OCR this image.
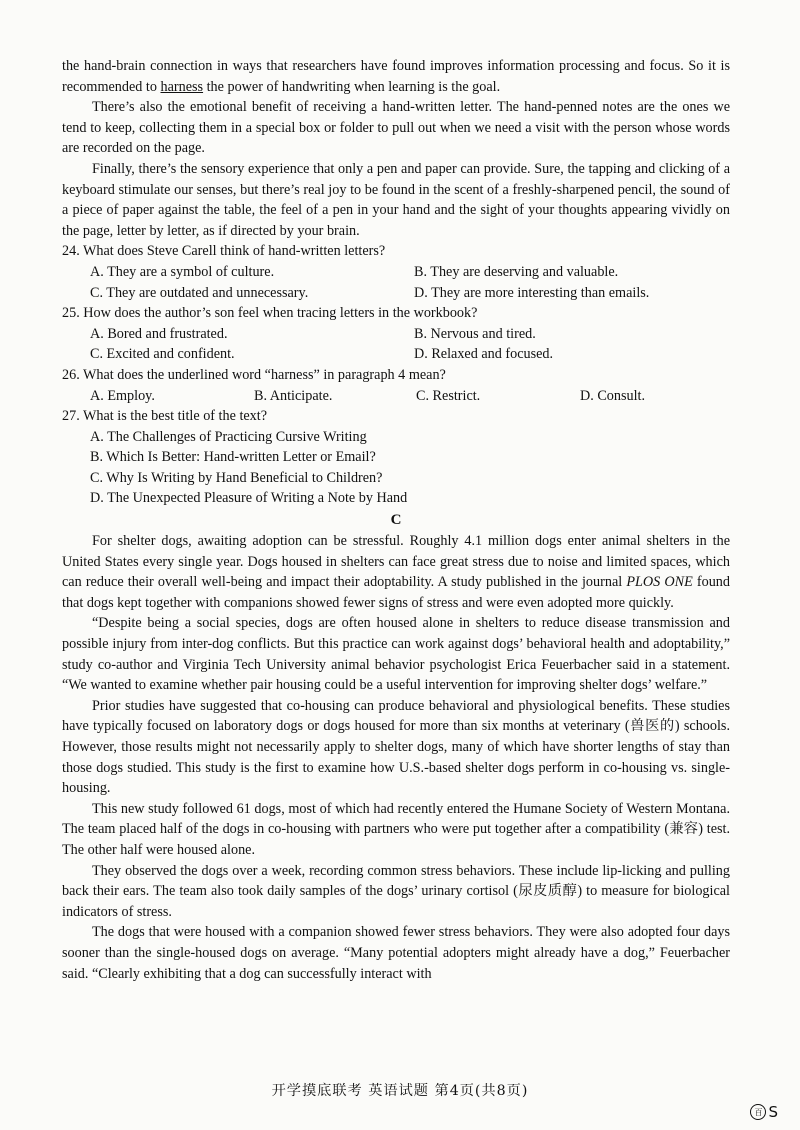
the hand-brain connection in ways that researchers have found improves information processing and focus. So it is recommended to harness the power of handwriting when learning is the goal.

There’s also the emotional benefit of receiving a hand-written letter. The hand-penned notes are the ones we tend to keep, collecting them in a special box or folder to pull out when we need a visit with the person whose words are recorded on the page.

Finally, there’s the sensory experience that only a pen and paper can provide. Sure, the tapping and clicking of a keyboard stimulate our senses, but there’s real joy to be found in the scent of a freshly-sharpened pencil, the sound of a piece of paper against the table, the feel of a pen in your hand and the sight of your thoughts appearing vividly on the page, letter by letter, as if directed by your brain.

24. What does Steve Carell think of hand-written letters?
A. They are a symbol of culture.	B. They are deserving and valuable.
C. They are outdated and unnecessary.	D. They are more interesting than emails.
25. How does the author’s son feel when tracing letters in the workbook?
A. Bored and frustrated.	B. Nervous and tired.
C. Excited and confident.	D. Relaxed and focused.
26. What does the underlined word “harness” in paragraph 4 mean?
A. Employ.	B. Anticipate.	C. Restrict.	D. Consult.
27. What is the best title of the text?
A. The Challenges of Practicing Cursive Writing
B. Which Is Better: Hand-written Letter or Email?
C. Why Is Writing by Hand Beneficial to Children?
D. The Unexpected Pleasure of Writing a Note by Hand
C

For shelter dogs, awaiting adoption can be stressful. Roughly 4.1 million dogs enter animal shelters in the United States every single year. Dogs housed in shelters can face great stress due to noise and limited spaces, which can reduce their overall well-being and impact their adoptability. A study published in the journal PLOS ONE found that dogs kept together with companions showed fewer signs of stress and were even adopted more quickly.

“Despite being a social species, dogs are often housed alone in shelters to reduce disease transmission and possible injury from inter-dog conflicts. But this practice can work against dogs’ behavioral health and adoptability,” study co-author and Virginia Tech University animal behavior psychologist Erica Feuerbacher said in a statement. “We wanted to examine whether pair housing could be a useful intervention for improving shelter dogs’ welfare.”

Prior studies have suggested that co-housing can produce behavioral and physiological benefits. These studies have typically focused on laboratory dogs or dogs housed for more than six months at veterinary (兽医的) schools. However, those results might not necessarily apply to shelter dogs, many of which have shorter lengths of stay than those dogs studied. This study is the first to examine how U.S.-based shelter dogs perform in co-housing vs. single-housing.

This new study followed 61 dogs, most of which had recently entered the Humane Society of Western Montana. The team placed half of the dogs in co-housing with partners who were put together after a compatibility (兼容) test. The other half were housed alone.

They observed the dogs over a week, recording common stress behaviors. These include lip-licking and pulling back their ears. The team also took daily samples of the dogs’ urinary cortisol (尿皮质醇) to measure for biological indicators of stress.

The dogs that were housed with a companion showed fewer stress behaviors. They were also adopted four days sooner than the single-housed dogs on average. “Many potential adopters might already have a dog,” Feuerbacher said. “Clearly exhibiting that a dog can successfully interact with

开学摸底联考 英语试题 第4页(共8页)
百 S
